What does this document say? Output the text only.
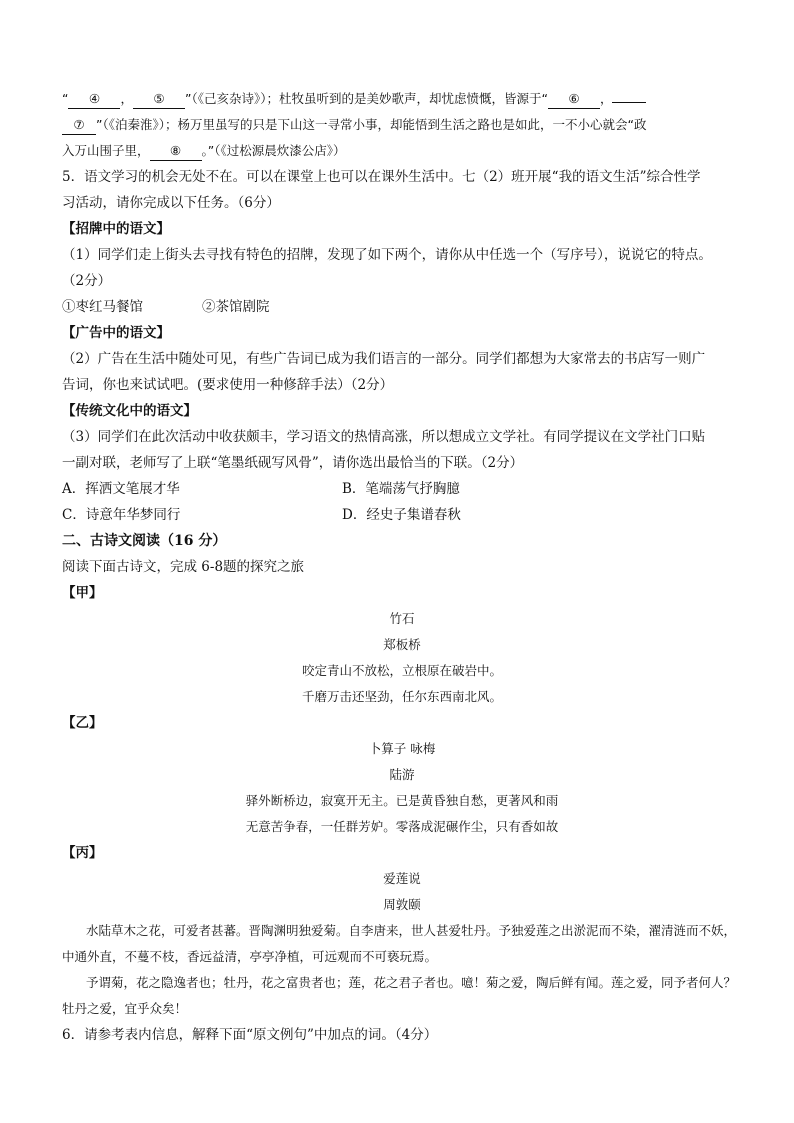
“ ④ ， ⑤ ”（《己亥杂诗》）；杜牧虽听到的是美妙歌声，却忧虑愤慨，皆源于“ ⑥ ，
⑦ ”（《泊秦淮》）；杨万里虽写的只是下山这一寻常小事，却能悟到生活之路也是如此，一不小心就会“政
入万山围子里， ⑧ 。”（《过松源晨炊漆公店》）
5．语文学习的机会无处不在。可以在课堂上也可以在课外生活中。七（2）班开展“我的语文生活”综合性学
习活动，请你完成以下任务。（6分）
【招牌中的语文】
（1）同学们走上街头去寻找有特色的招牌，发现了如下两个，请你从中任选一个（写序号），说说它的特点。
（2分）
①枣红马餐馆	②茶馆剧院
【广告中的语文】
（2）广告在生活中随处可见，有些广告词已成为我们语言的一部分。同学们都想为大家常去的书店写一则广
告词，你也来试试吧。(要求使用一种修辞手法）（2分）
【传统文化中的语文】
（3）同学们在此次活动中收获颇丰，学习语文的热情高涨，所以想成立文学社。有同学提议在文学社门口贴
一副对联，老师写了上联“笔墨纸砚写风骨”，请你选出最恰当的下联。（2分）
A．挥洒文笔展才华	B．笔端荡气抒胸臆
C．诗意年华梦同行	D．经史子集谱春秋
二、古诗文阅读（16 分）
阅读下面古诗文，完成 6-8题的探究之旅
【甲】
竹石
郑板桥
咬定青山不放松，立根原在破岩中。
千磨万击还坚劲，任尔东西南北风。
【乙】
卜算子 咏梅
陆游
驿外断桥边，寂寞开无主。已是黄昏独自愁，更著风和雨
无意苦争春，一任群芳妒。零落成泥碾作尘，只有香如故
【丙】
爱莲说
周敦颐
水陆草木之花，可爱者甚蕃。晋陶渊明独爱菊。自李唐来，世人甚爱牡丹。予独爱莲之出淤泥而不染，濯清涟而不妖，中通外直，不蔓不枝，香远益清，亭亭净植，可远观而不可亵玩焉。
予谓菊，花之隐逸者也；牡丹，花之富贵者也；莲，花之君子者也。噫！菊之爱，陶后鲜有闻。莲之爱，同予者何人？牡丹之爱，宜乎众矣！
6．请参考表内信息，解释下面“原文例句”中加点的词。（4分）
